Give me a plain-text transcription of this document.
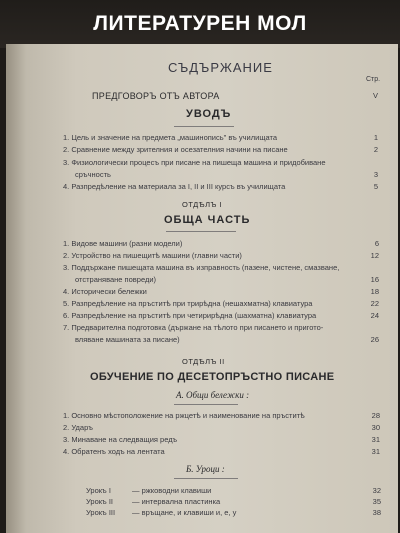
ЛИТЕРАТУРЕН МОЛ
СЪДЪРЖАНИЕ
Стр.
ПРЕДГОВОРЪ ОТЪ АВТОРА	V
УВОДЪ
1. Цель и значение на предмета „машинопись" въ училищата	1
2. Сравнение между зрителния и осезателния начини на писане	2
3. Физиологически процесъ при писане на пишеща машина и придобиване
сръчность	3
4. Разпредѣление на материала за I, II и III курсъ въ училищата	5
ОТДѢЛЪ I
ОБЩА ЧАСТЬ
1. Видове машини (разни модели)	6
2. Устройство на пишещитѣ машини (главни части)	12
3. Поддържане пишещата машина въ изправность (пазене, чистене, смазване,
отстраняване повреди)	16
4. Исторически бележки	18
5. Разпредѣление на пръститѣ при трирѣдна (нешахматна) клавиатура	22
6. Разпредѣление на пръститѣ при четирирѣдна (шахматна) клавиатура	24
7. Предварителна подготовка (държане на тѣлото при писането и пригото-
вляване машината за писане)	26
ОТДѢЛЪ II
ОБУЧЕНИЕ ПО ДЕСЕТОПРЪСТНО ПИСАНЕ
А. Общи бележки :
1. Основно мѣстоположение на ржцетѣ и наименование на пръститѣ	28
2. Ударъ	30
3. Минаване на следващия редъ	31
4. Обратенъ ходъ на лентата	31
Б. Уроци :
Урокъ I	— ржководни клавиши	32
Урокъ II	— интервална пластинка	35
Урокъ III — връщане, и клавиши и, е, у	38
